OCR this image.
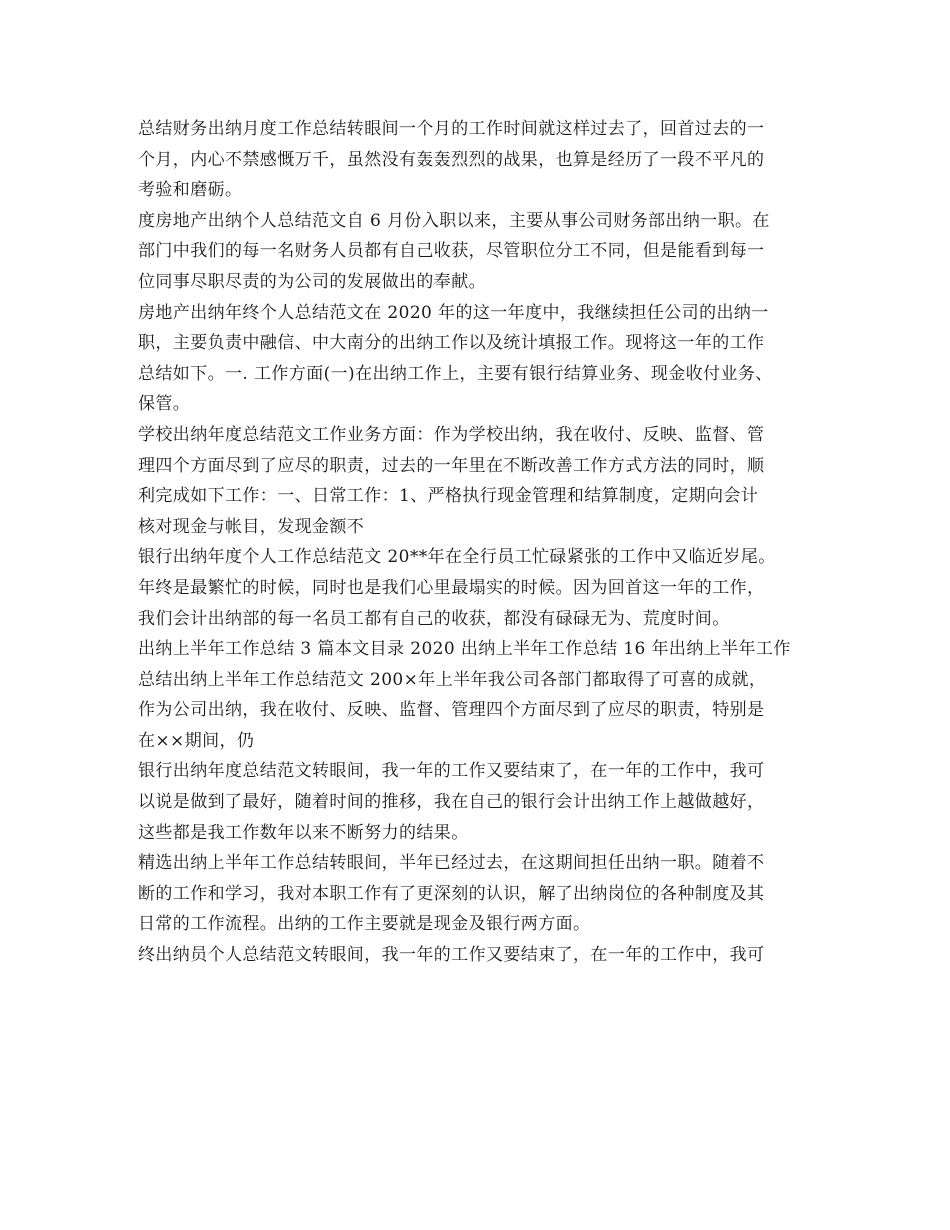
总结财务出纳月度工作总结转眼间一个月的工作时间就这样过去了，回首过去的一
个月，内心不禁感慨万千，虽然没有轰轰烈烈的战果，也算是经历了一段不平凡的
考验和磨砺。

度房地产出纳个人总结范文自 6 月份入职以来，主要从事公司财务部出纳一职。在
部门中我们的每一名财务人员都有自己收获，尽管职位分工不同，但是能看到每一
位同事尽职尽责的为公司的发展做出的奉献。

房地产出纳年终个人总结范文在 2020 年的这一年度中，我继续担任公司的出纳一
职，主要负责中融信、中大南分的出纳工作以及统计填报工作。现将这一年的工作
总结如下。一. 工作方面(一)在出纳工作上，主要有银行结算业务、现金收付业务、
保管。

学校出纳年度总结范文工作业务方面：作为学校出纳，我在收付、反映、监督、管
理四个方面尽到了应尽的职责，过去的一年里在不断改善工作方式方法的同时，顺
利完成如下工作：一、日常工作：1、严格执行现金管理和结算制度，定期向会计
核对现金与帐目，发现金额不

银行出纳年度个人工作总结范文 20**年在全行员工忙碌紧张的工作中又临近岁尾。
年终是最繁忙的时候，同时也是我们心里最塌实的时候。因为回首这一年的工作，
我们会计出纳部的每一名员工都有自己的收获，都没有碌碌无为、荒度时间。

出纳上半年工作总结 3 篇本文目录 2020 出纳上半年工作总结 16 年出纳上半年工作
总结出纳上半年工作总结范文 200×年上半年我公司各部门都取得了可喜的成就，
作为公司出纳，我在收付、反映、监督、管理四个方面尽到了应尽的职责，特别是
在××期间，仍

银行出纳年度总结范文转眼间，我一年的工作又要结束了，在一年的工作中，我可
以说是做到了最好，随着时间的推移，我在自己的银行会计出纳工作上越做越好，
这些都是我工作数年以来不断努力的结果。

精选出纳上半年工作总结转眼间，半年已经过去，在这期间担任出纳一职。随着不
断的工作和学习，我对本职工作有了更深刻的认识，解了出纳岗位的各种制度及其
日常的工作流程。出纳的工作主要就是现金及银行两方面。

终出纳员个人总结范文转眼间，我一年的工作又要结束了，在一年的工作中，我可
